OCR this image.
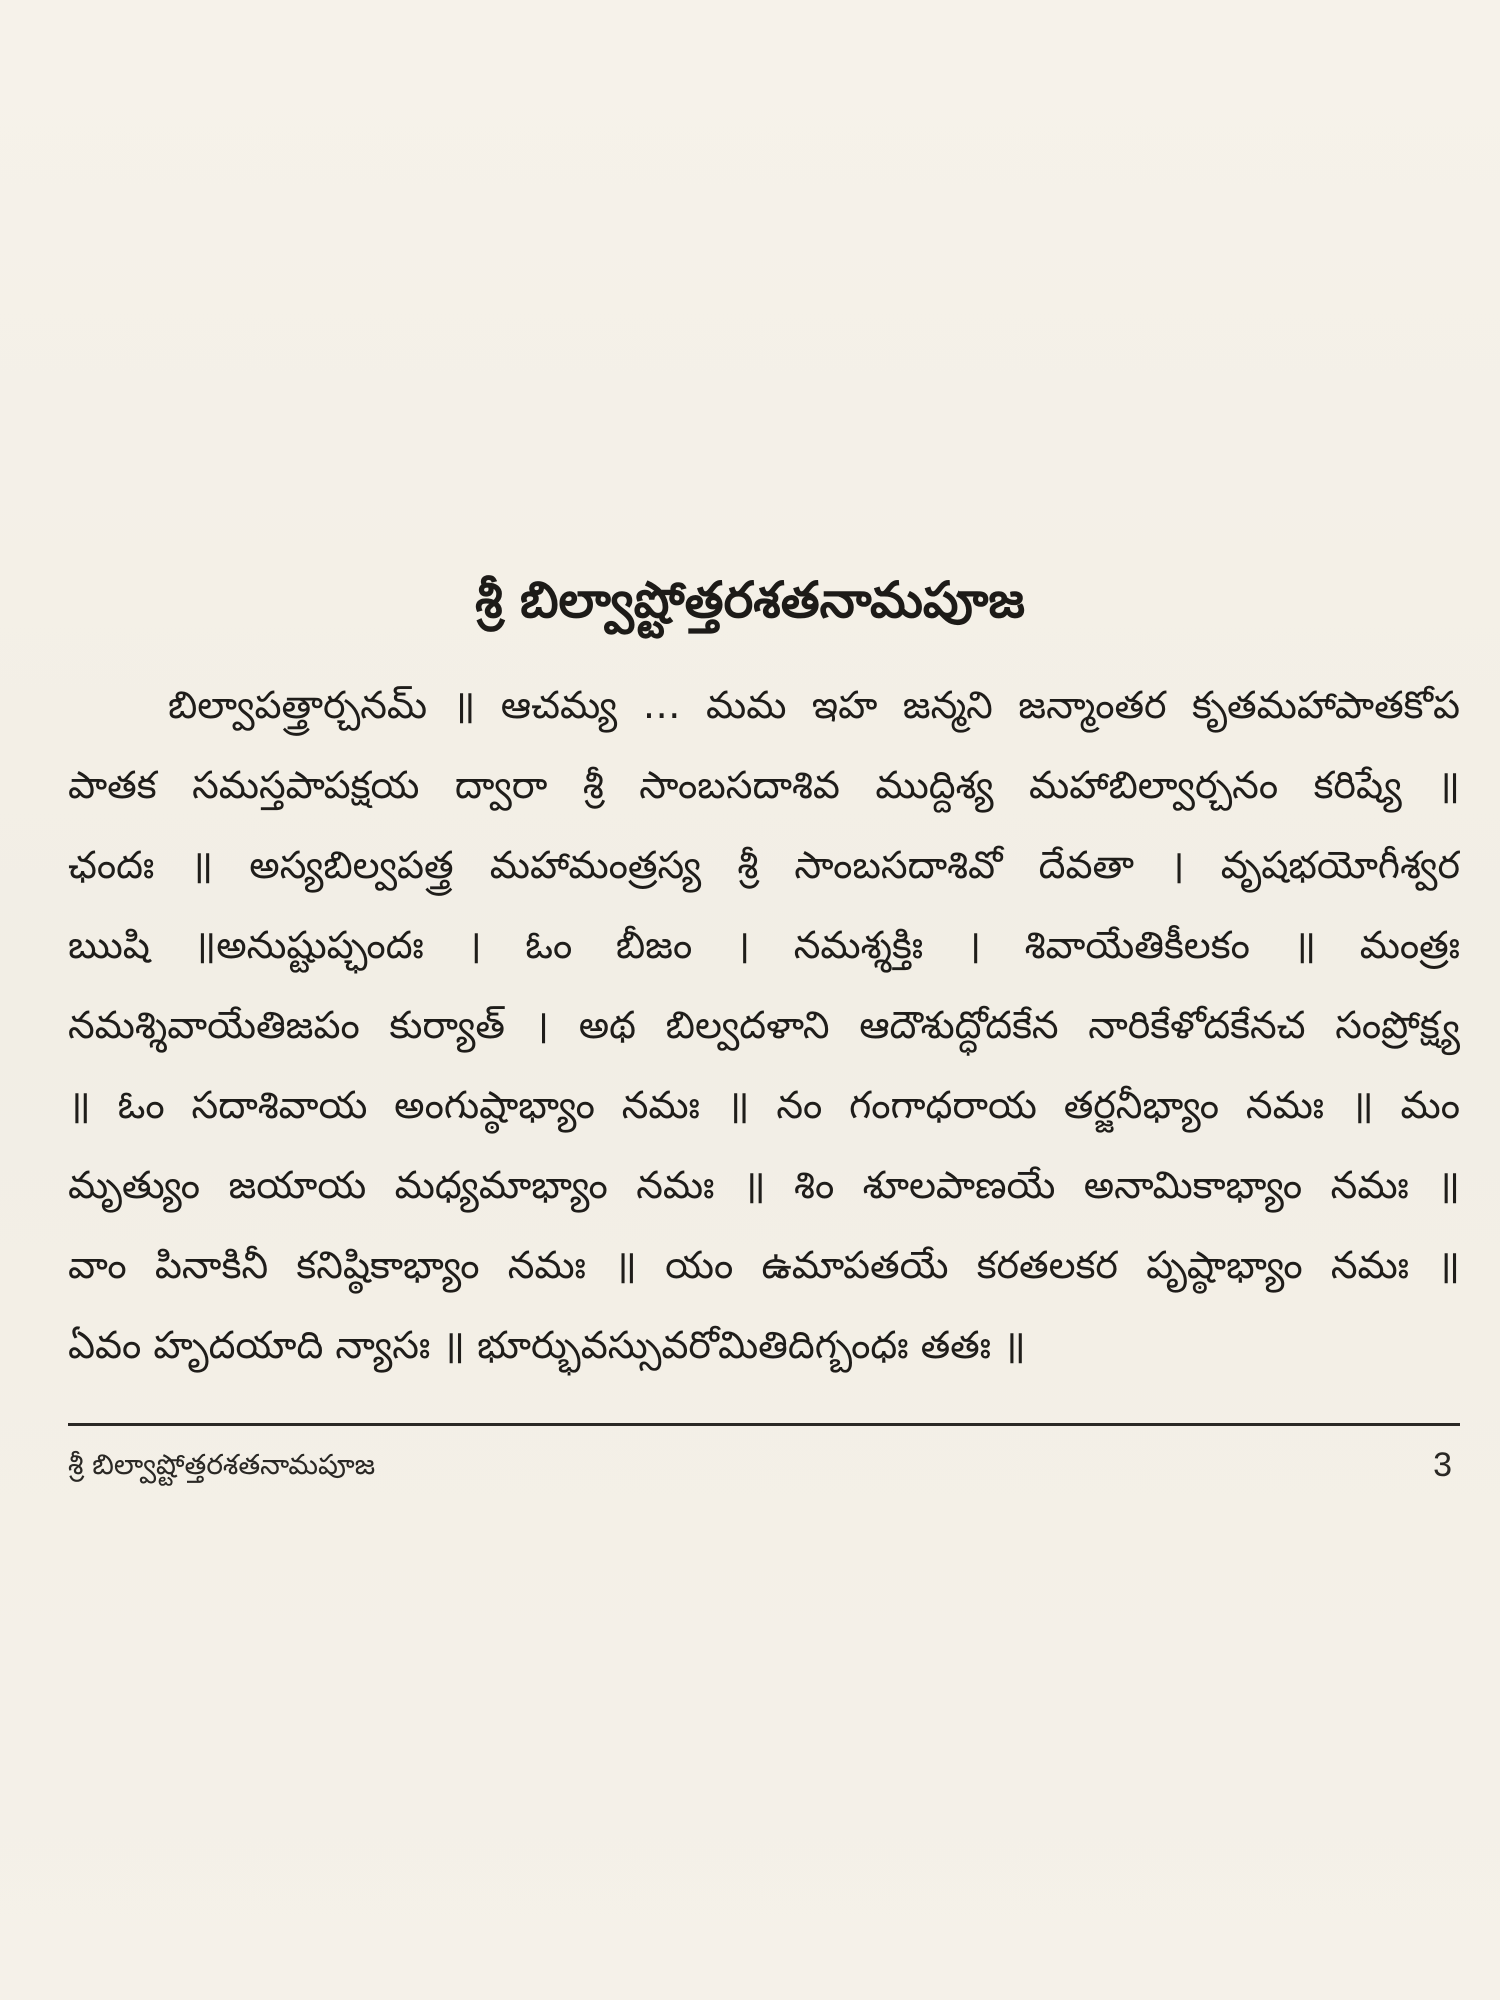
శ్రీ బిల్వాష్టోత్తరశతనామపూజ
బిల్వాపత్త్రార్చనమ్ ॥ ఆచమ్య … మమ ఇహ జన్మని జన్మాంతర కృతమహాపాతకోప
పాతక సమస్తపాపక్షయ ద్వారా శ్రీ సాంబసదాశివ ముద్దిశ్య మహాబిల్వార్చనం కరిష్యే ॥
ఛందః ॥ అస్యబిల్వపత్త్ర మహామంత్రస్య శ్రీ సాంబసదాశివో దేవతా । వృషభయోగీశ్వర
ఋషి ॥అనుష్టుప్ఛందః । ఓం బీజం । నమశ్శక్తిః । శివాయేతికీలకం ॥ మంత్రః
నమశ్శివాయేతిజపం కుర్యాత్ । అథ బిల్వదళాని ఆదౌశుద్ధోదకేన నారికేళోదకేనచ సంప్రోక్ష్య
॥ ఓం సదాశివాయ అంగుష్ఠాభ్యాం నమః ॥ నం గంగాధరాయ తర్జనీభ్యాం నమః ॥ మం
మృత్యుం జయాయ మధ్యమాభ్యాం నమః ॥ శిం శూలపాణయే అనామికాభ్యాం నమః ॥
వాం పినాకినీ కనిష్ఠికాభ్యాం నమః ॥ యం ఉమాపతయే కరతలకర పృష్ఠాభ్యాం నమః ॥
ఏవం హృదయాది న్యాసః ॥ భూర్భువస్సువరోమితిదిగ్బంధః తతః ॥
శ్రీ బిల్వాష్టోత్తరశతనామపూజ	3
